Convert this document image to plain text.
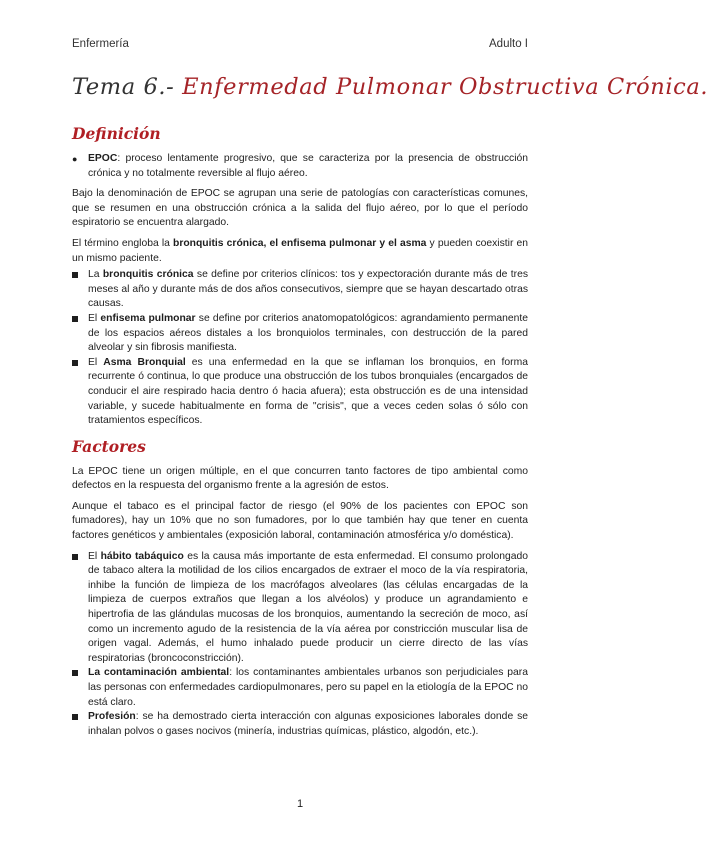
Enfermería	Adulto I
Tema 6.- Enfermedad Pulmonar Obstructiva Crónica.
Definición
●	EPOC: proceso lentamente progresivo, que se caracteriza por la presencia de obstrucción crónica y no totalmente reversible al flujo aéreo.

Bajo la denominación de EPOC se agrupan una serie de patologías con características comunes, que se resumen en una obstrucción crónica a la salida del flujo aéreo, por lo que el período espiratorio se encuentra alargado.

El término engloba la bronquitis crónica, el enfisema pulmonar y el asma y pueden coexistir en un mismo paciente.

La bronquitis crónica se define por criterios clínicos: tos y expectoración durante más de tres meses al año y durante más de dos años consecutivos, siempre que se hayan descartado otras causas.
El enfisema pulmonar se define por criterios anatomopatológicos: agrandamiento permanente de los espacios aéreos distales a los bronquiolos terminales, con destrucción de la pared alveolar y sin fibrosis manifiesta.
El Asma Bronquial es una enfermedad en la que se inflaman los bronquios, en forma recurrente ó continua, lo que produce una obstrucción de los tubos bronquiales (encargados de conducir el aire respirado hacia dentro ó hacia afuera); esta obstrucción es de una intensidad variable, y sucede habitualmente en forma de "crisis", que a veces ceden solas ó sólo con tratamientos específicos.
Factores

La EPOC tiene un origen múltiple, en el que concurren tanto factores de tipo ambiental como defectos en la respuesta del organismo frente a la agresión de estos.

Aunque el tabaco es el principal factor de riesgo (el 90% de los pacientes con EPOC son fumadores), hay un 10% que no son fumadores, por lo que también hay que tener en cuenta factores genéticos y ambientales (exposición laboral, contaminación atmosférica y/o doméstica).

El hábito tabáquico es la causa más importante de esta enfermedad. El consumo prolongado de tabaco altera la motilidad de los cilios encargados de extraer el moco de la vía respiratoria, inhibe la función de limpieza de los macrófagos alveolares (las células encargadas de la limpieza de cuerpos extraños que llegan a los alvéolos) y produce un agrandamiento e hipertrofia de las glándulas mucosas de los bronquios, aumentando la secreción de moco, así como un incremento agudo de la resistencia de la vía aérea por constricción muscular lisa de origen vagal. Además, el humo inhalado puede producir un cierre directo de las vías respiratorias (broncoconstricción).
La contaminación ambiental: los contaminantes ambientales urbanos son perjudiciales para las personas con enfermedades cardiopulmonares, pero su papel en la etiología de la EPOC no está claro.
Profesión: se ha demostrado cierta interacción con algunas exposiciones laborales donde se inhalan polvos o gases nocivos (minería, industrias químicas, plástico, algodón, etc.).
1
